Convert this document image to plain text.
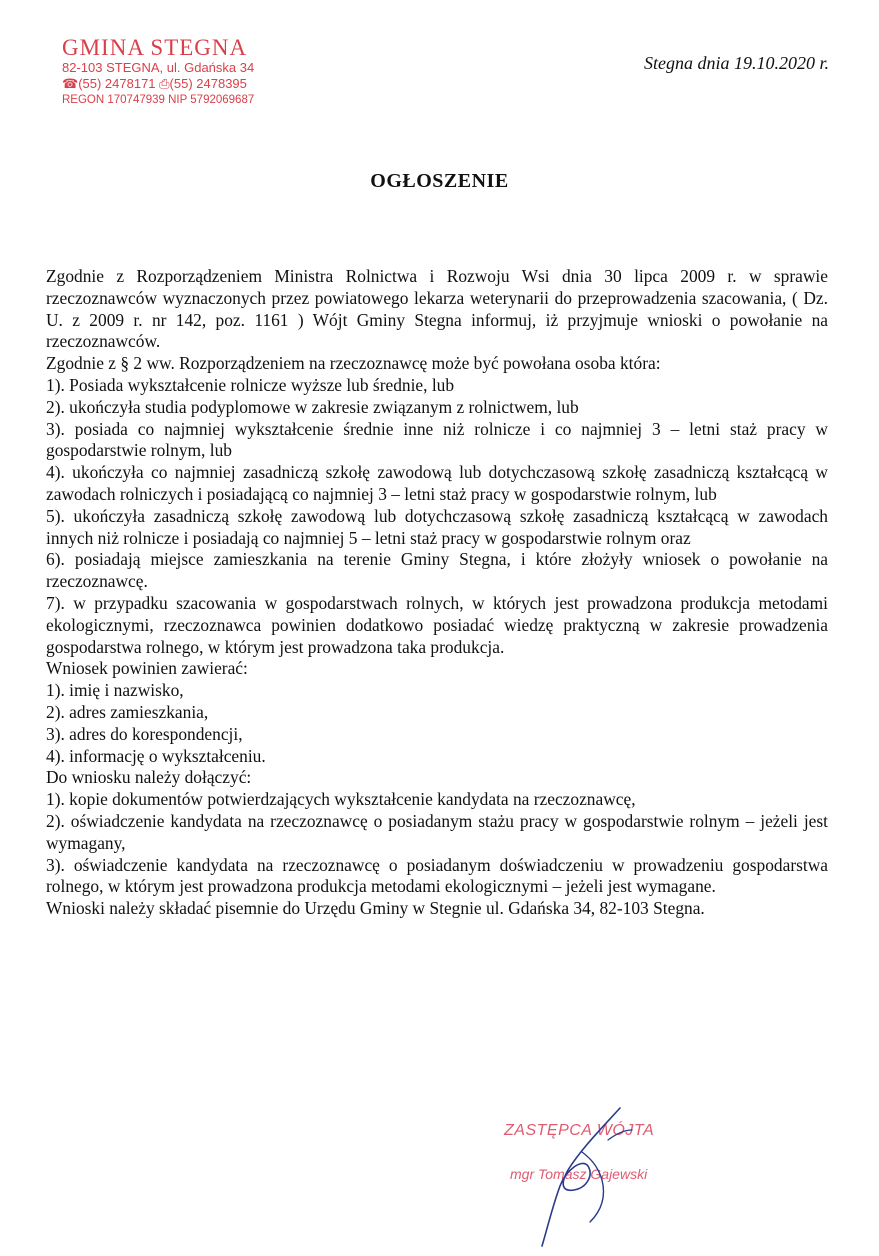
GMINA STEGNA
82-103 STEGNA, ul. Gdańska 34
☎(55) 2478171 ⎙(55) 2478395
REGON 170747939 NIP 5792069687
Stegna dnia 19.10.2020 r.
OGŁOSZENIE

Zgodnie z Rozporządzeniem Ministra Rolnictwa i Rozwoju Wsi dnia 30 lipca 2009 r. w sprawie rzeczoznawców wyznaczonych przez powiatowego lekarza weterynarii do przeprowadzenia szacowania, ( Dz. U. z 2009 r. nr 142, poz. 1161 ) Wójt Gminy Stegna informuj, iż przyjmuje wnioski o powołanie na rzeczoznawców.

Zgodnie z § 2 ww. Rozporządzeniem na rzeczoznawcę może być powołana osoba która:

1). Posiada wykształcenie rolnicze wyższe lub średnie, lub

2). ukończyła studia podyplomowe w zakresie związanym z rolnictwem, lub

3). posiada co najmniej wykształcenie średnie inne niż rolnicze i co najmniej 3 – letni staż pracy w gospodarstwie rolnym, lub

4). ukończyła co najmniej zasadniczą szkołę zawodową lub dotychczasową szkołę zasadniczą kształcącą w zawodach rolniczych i posiadającą co najmniej 3 – letni staż pracy w gospodarstwie rolnym, lub

5). ukończyła zasadniczą szkołę zawodową lub dotychczasową szkołę zasadniczą kształcącą w zawodach innych niż rolnicze i posiadają co najmniej 5 – letni staż pracy w gospodarstwie rolnym oraz

6). posiadają miejsce zamieszkania na terenie Gminy Stegna, i które złożyły wniosek o powołanie na rzeczoznawcę.

7). w przypadku szacowania w gospodarstwach rolnych, w których jest prowadzona produkcja metodami ekologicznymi, rzeczoznawca powinien dodatkowo posiadać wiedzę praktyczną w zakresie prowadzenia gospodarstwa rolnego, w którym jest prowadzona taka produkcja.

Wniosek powinien zawierać:

1). imię i nazwisko,

2). adres zamieszkania,

3). adres do korespondencji,

4). informację o wykształceniu.

Do wniosku należy dołączyć:

1). kopie dokumentów potwierdzających wykształcenie kandydata na rzeczoznawcę,

2). oświadczenie kandydata na rzeczoznawcę o posiadanym stażu pracy w gospodarstwie rolnym – jeżeli jest wymagany,

3). oświadczenie kandydata na rzeczoznawcę o posiadanym doświadczeniu w prowadzeniu gospodarstwa rolnego, w którym jest prowadzona produkcja metodami ekologicznymi – jeżeli jest wymagane.

Wnioski należy składać pisemnie do Urzędu Gminy w Stegnie ul. Gdańska 34, 82-103 Stegna.

ZASTĘPCA WÓJTA
mgr Tomasz Gajewski
